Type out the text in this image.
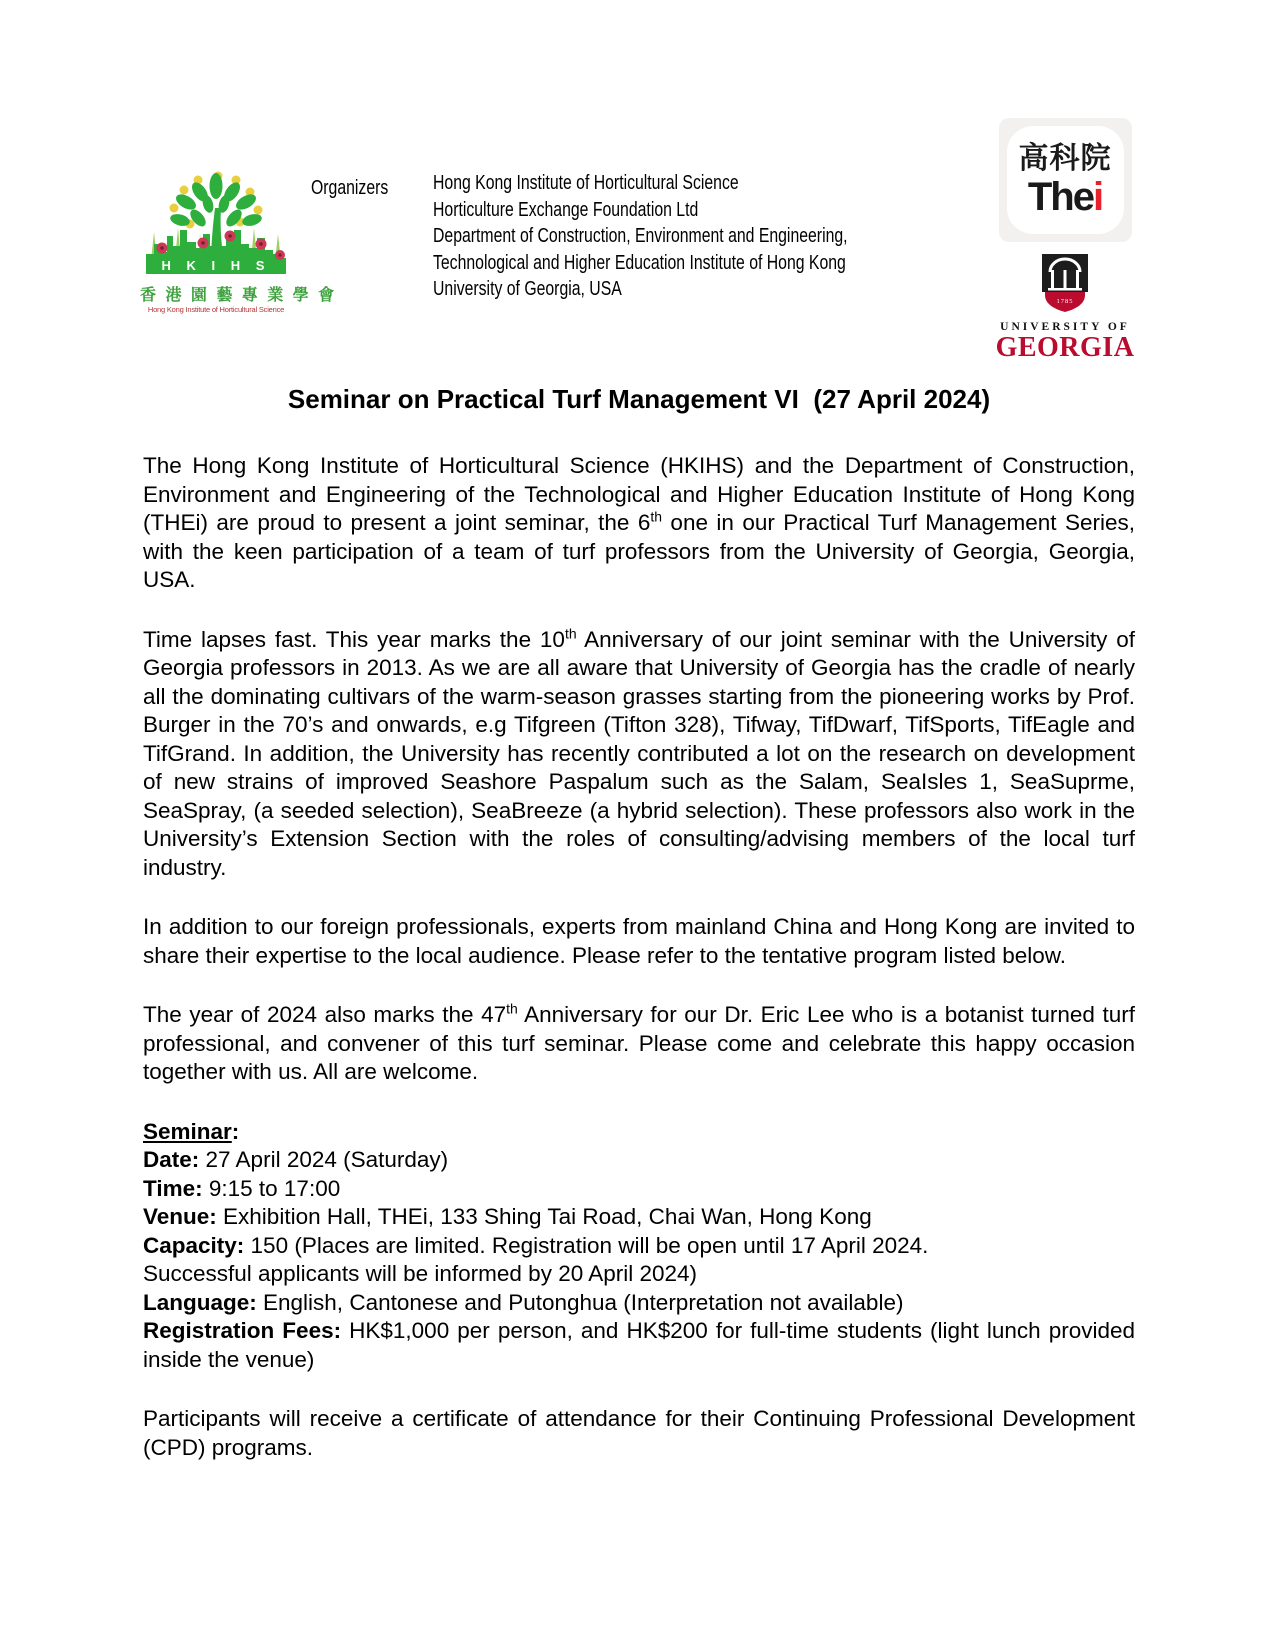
H K I H S
香 港 園 藝 專 業 學 會
Hong Kong Institute of Horticultural Science
Organizers Hong Kong Institute of Horticultural Science
Horticulture Exchange Foundation Ltd
Department of Construction, Environment and Engineering,
Technological and Higher Education Institute of Hong Kong
University of Georgia, USA
高科院
Thei
1785
UNIVERSITY OF
GEORGIA
Seminar on Practical Turf Management VI  (27 April 2024)

The Hong Kong Institute of Horticultural Science (HKIHS) and the Department of Construction, Environment and Engineering of the Technological and Higher Education Institute of Hong Kong (THEi) are proud to present a joint seminar, the 6th one in our Practical Turf Management Series, with the keen participation of a team of turf professors from the University of Georgia, Georgia, USA.

Time lapses fast. This year marks the 10th Anniversary of our joint seminar with the University of Georgia professors in 2013. As we are all aware that University of Georgia has the cradle of nearly all the dominating cultivars of the warm-season grasses starting from the pioneering works by Prof. Burger in the 70’s and onwards, e.g Tifgreen (Tifton 328), Tifway, TifDwarf, TifSports, TifEagle and TifGrand. In addition, the University has recently contributed a lot on the research on development of new strains of improved Seashore Paspalum such as the Salam, SeaIsles 1, SeaSuprme, SeaSpray, (a seeded selection), SeaBreeze (a hybrid selection). These professors also work in the University’s Extension Section with the roles of consulting/advising members of the local turf industry.

In addition to our foreign professionals, experts from mainland China and Hong Kong are invited to share their expertise to the local audience. Please refer to the tentative program listed below.

The year of 2024 also marks the 47th Anniversary for our Dr. Eric Lee who is a botanist turned turf professional, and convener of this turf seminar. Please come and celebrate this happy occasion together with us. All are welcome.

Seminar:
Date: 27 April 2024 (Saturday)
Time: 9:15 to 17:00
Venue: Exhibition Hall, THEi, 133 Shing Tai Road, Chai Wan, Hong Kong
Capacity: 150 (Places are limited. Registration will be open until 17 April 2024.
Successful applicants will be informed by 20 April 2024)
Language: English, Cantonese and Putonghua (Interpretation not available)
Registration Fees: HK$1,000 per person, and HK$200 for full-time students (light lunch provided inside the venue)

Participants will receive a certificate of attendance for their Continuing Professional Development (CPD) programs.
